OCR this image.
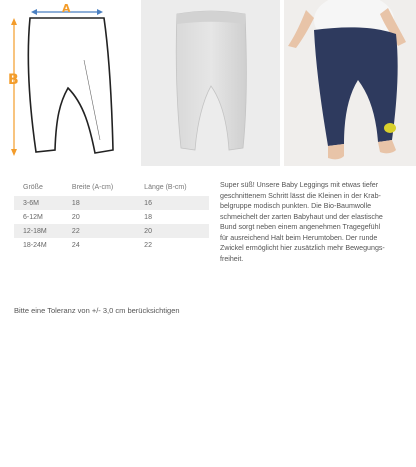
A
B
Größe	Breite (A-cm)	Länge (B-cm)
3-6M	18	16
6-12M	20	18
12-18M	22	20
18-24M	24	22
Super süß! Unsere Baby Leggings mit etwas tiefer
geschnittenem Schritt lässt die Kleinen in der Krab-
belgruppe modisch punkten. Die Bio-Baumwolle
schmeichelt der zarten Babyhaut und der elastische
Bund sorgt neben einem angenehmen Tragegefühl
für ausreichend Halt beim Herumtoben. Der runde
Zwickel ermöglicht hier zusätzlich mehr Bewegungs-
freiheit.
Bitte eine Toleranz von +/- 3,0 cm berücksichtigen
